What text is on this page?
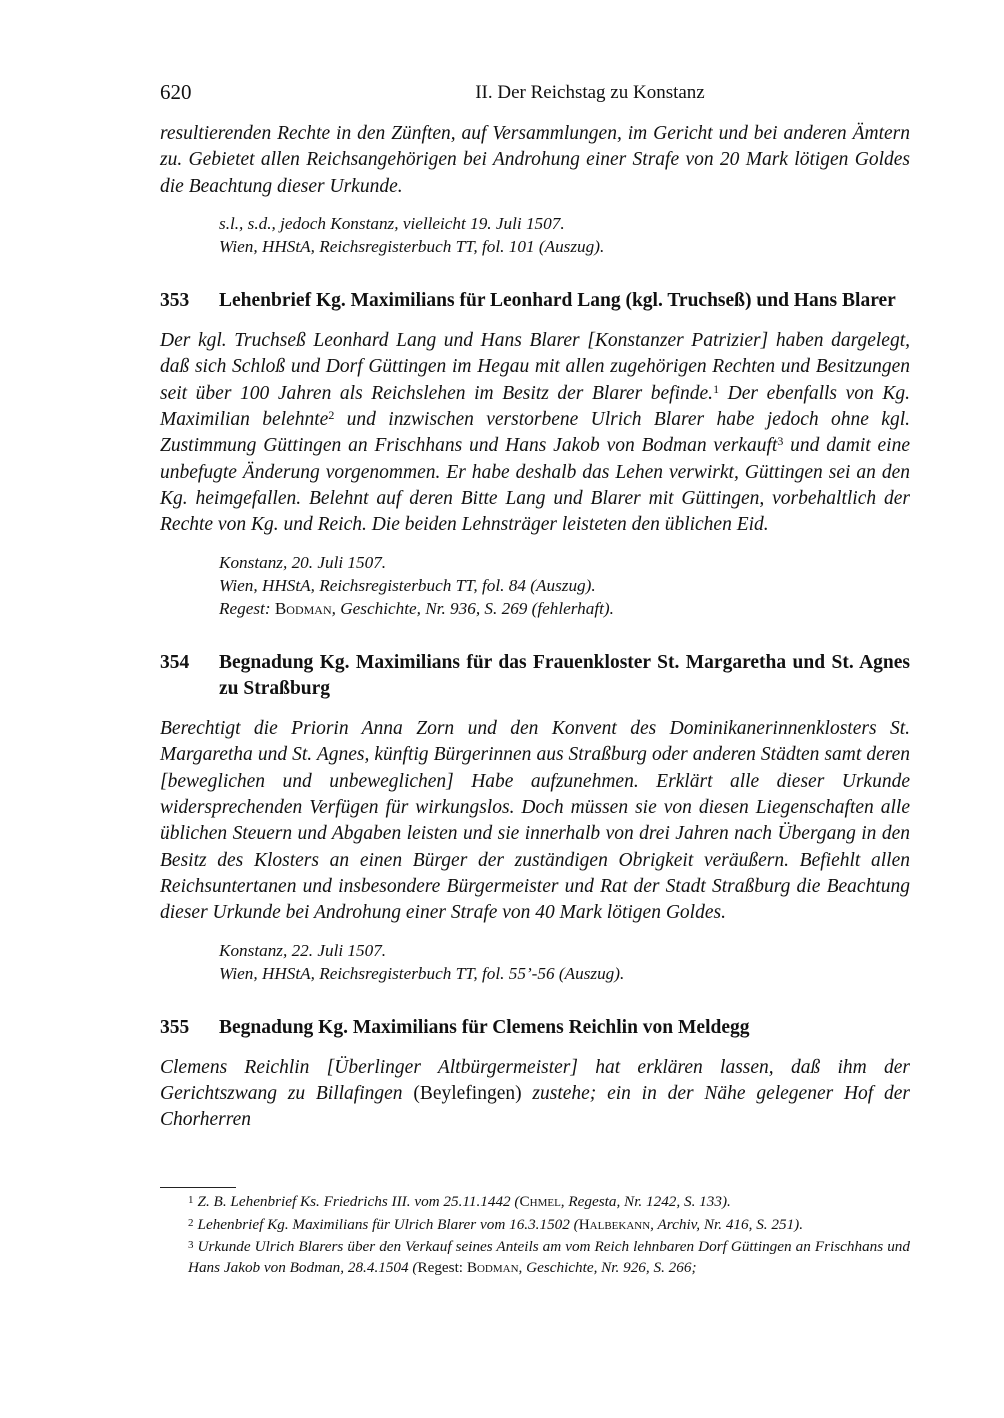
620	II. Der Reichstag zu Konstanz

resultierenden Rechte in den Zünften, auf Versammlungen, im Gericht und bei anderen Ämtern zu. Gebietet allen Reichsangehörigen bei Androhung einer Strafe von 20 Mark lötigen Goldes die Beachtung dieser Urkunde.

s.l., s.d., jedoch Konstanz, vielleicht 19. Juli 1507.
Wien, HHStA, Reichsregisterbuch TT, fol. 101 (Auszug).
353	Lehenbrief Kg. Maximilians für Leonhard Lang (kgl. Truchseß) und Hans Blarer

Der kgl. Truchseß Leonhard Lang und Hans Blarer [Konstanzer Patrizier] haben dargelegt, daß sich Schloß und Dorf Güttingen im Hegau mit allen zugehörigen Rechten und Besitzungen seit über 100 Jahren als Reichslehen im Besitz der Blarer befinde.$^1$ Der ebenfalls von Kg. Maximilian belehnte$^2$ und inzwischen verstorbene Ulrich Blarer habe jedoch ohne kgl. Zustimmung Güttingen an Frischhans und Hans Jakob von Bodman verkauft$^3$ und damit eine unbefugte Änderung vorgenommen. Er habe deshalb das Lehen verwirkt, Güttingen sei an den Kg. heimgefallen. Belehnt auf deren Bitte Lang und Blarer mit Güttingen, vorbehaltlich der Rechte von Kg. und Reich. Die beiden Lehnsträger leisteten den üblichen Eid.

Konstanz, 20. Juli 1507.
Wien, HHStA, Reichsregisterbuch TT, fol. 84 (Auszug).
Regest: Bodman, Geschichte, Nr. 936, S. 269 (fehlerhaft).
354	Begnadung Kg. Maximilians für das Frauenkloster St. Margaretha und St. Agnes zu Straßburg

Berechtigt die Priorin Anna Zorn und den Konvent des Dominikanerinnenklosters St. Margaretha und St. Agnes, künftig Bürgerinnen aus Straßburg oder anderen Städten samt deren [beweglichen und unbeweglichen] Habe aufzunehmen. Erklärt alle dieser Urkunde widersprechenden Verfügen für wirkungslos. Doch müssen sie von diesen Liegenschaften alle üblichen Steuern und Abgaben leisten und sie innerhalb von drei Jahren nach Übergang in den Besitz des Klosters an einen Bürger der zuständigen Obrigkeit veräußern. Befiehlt allen Reichsuntertanen und insbesondere Bürgermeister und Rat der Stadt Straßburg die Beachtung dieser Urkunde bei Androhung einer Strafe von 40 Mark lötigen Goldes.

Konstanz, 22. Juli 1507.
Wien, HHStA, Reichsregisterbuch TT, fol. 55’-56 (Auszug).
355	Begnadung Kg. Maximilians für Clemens Reichlin von Meldegg

Clemens Reichlin [Überlinger Altbürgermeister] hat erklären lassen, daß ihm der Gerichtszwang zu Billafingen (Beylefingen) zustehe; ein in der Nähe gelegener Hof der Chorherren

1 Z. B. Lehenbrief Ks. Friedrichs III. vom 25.11.1442 (Chmel, Regesta, Nr. 1242, S. 133).
2 Lehenbrief Kg. Maximilians für Ulrich Blarer vom 16.3.1502 (Halbekann, Archiv, Nr. 416, S. 251).
3 Urkunde Ulrich Blarers über den Verkauf seines Anteils am vom Reich lehnbaren Dorf Güttingen an Frischhans und Hans Jakob von Bodman, 28.4.1504 (Regest: Bodman, Geschichte, Nr. 926, S. 266;
